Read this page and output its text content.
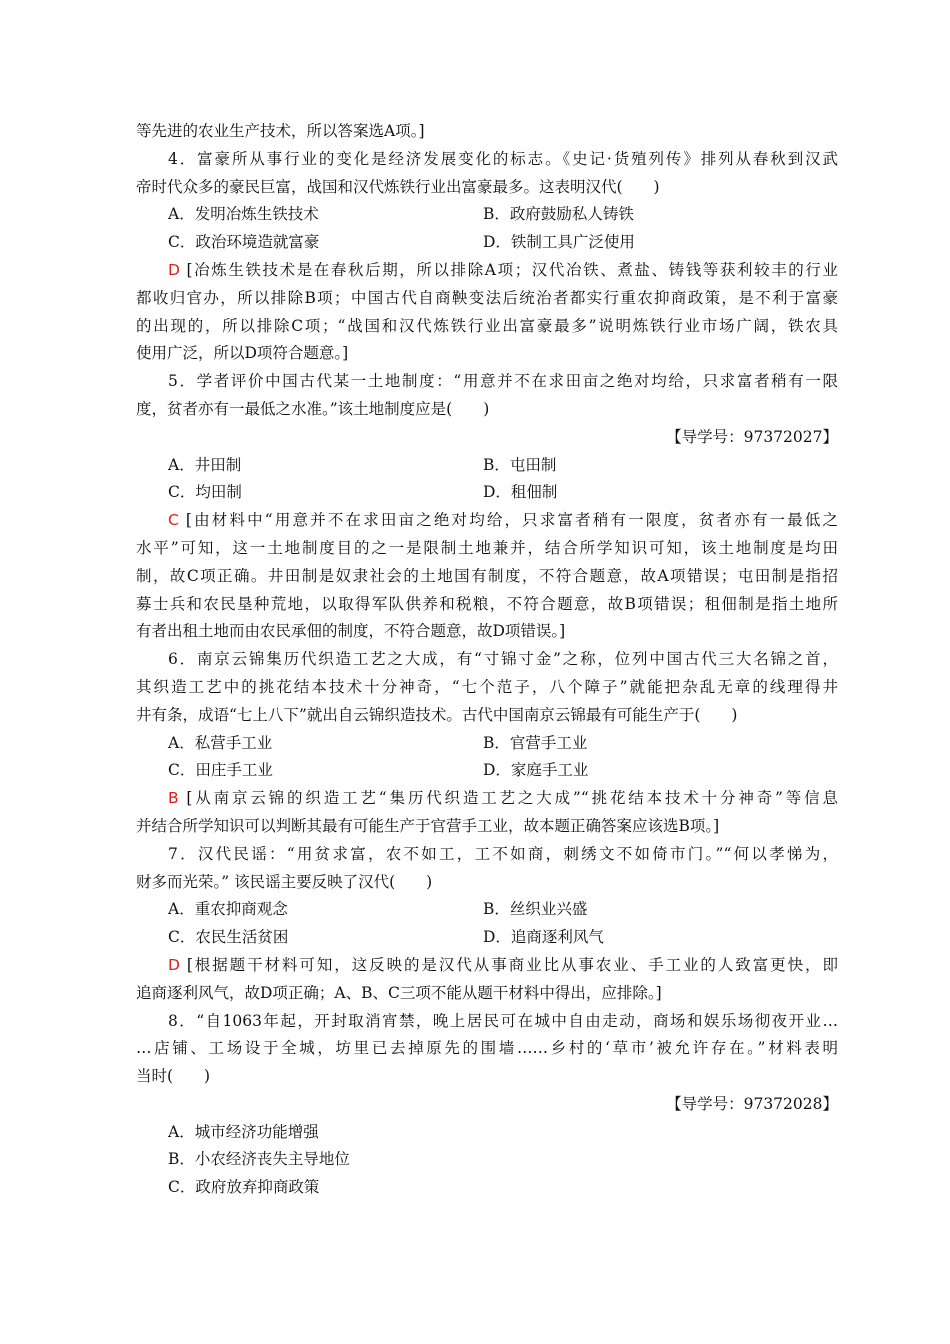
等先进的农业生产技术，所以答案选A项。]
4．富豪所从事行业的变化是经济发展变化的标志。《史记·货殖列传》排列从春秋到汉武
帝时代众多的豪民巨富，战国和汉代炼铁行业出富豪最多。这表明汉代(　　)
A．发明冶炼生铁技术	B．政府鼓励私人铸铁
C．政治环境造就富豪	D．铁制工具广泛使用
D [冶炼生铁技术是在春秋后期，所以排除A项；汉代冶铁、煮盐、铸钱等获利较丰的行业
都收归官办，所以排除B项；中国古代自商鞅变法后统治者都实行重农抑商政策，是不利于富豪
的出现的，所以排除C项；“战国和汉代炼铁行业出富豪最多”说明炼铁行业市场广阔，铁农具
使用广泛，所以D项符合题意。]
5．学者评价中国古代某一土地制度：“用意并不在求田亩之绝对均给，只求富者稍有一限
度，贫者亦有一最低之水准。”该土地制度应是(　　)
【导学号：97372027】
A．井田制	B．屯田制
C．均田制	D．租佃制
C [由材料中“用意并不在求田亩之绝对均给，只求富者稍有一限度，贫者亦有一最低之
水平”可知，这一土地制度目的之一是限制土地兼并，结合所学知识可知，该土地制度是均田
制，故C项正确。井田制是奴隶社会的土地国有制度，不符合题意，故A项错误；屯田制是指招
募士兵和农民垦种荒地，以取得军队供养和税粮，不符合题意，故B项错误；租佃制是指土地所
有者出租土地而由农民承佃的制度，不符合题意，故D项错误。]
6．南京云锦集历代织造工艺之大成，有“寸锦寸金”之称，位列中国古代三大名锦之首，
其织造工艺中的挑花结本技术十分神奇，“七个范子，八个障子”就能把杂乱无章的线理得井
井有条，成语“七上八下”就出自云锦织造技术。古代中国南京云锦最有可能生产于(　　)
A．私营手工业	B．官营手工业
C．田庄手工业	D．家庭手工业
B [从南京云锦的织造工艺“集历代织造工艺之大成”“挑花结本技术十分神奇”等信息
并结合所学知识可以判断其最有可能生产于官营手工业，故本题正确答案应该选B项。]
7．汉代民谣：“用贫求富，农不如工，工不如商，刺绣文不如倚市门。”“何以孝悌为，
财多而光荣。” 该民谣主要反映了汉代(　　)
A．重农抑商观念	B．丝织业兴盛
C．农民生活贫困	D．追商逐利风气
D [根据题干材料可知，这反映的是汉代从事商业比从事农业、手工业的人致富更快，即
追商逐利风气，故D项正确；A、B、C三项不能从题干材料中得出，应排除。]
8．“自1063年起，开封取消宵禁，晚上居民可在城中自由走动，商场和娱乐场彻夜开业…
…店铺、工场设于全城，坊里已去掉原先的围墙……乡村的‘草市’被允许存在。”材料表明
当时(　　)
【导学号：97372028】
A．城市经济功能增强
B．小农经济丧失主导地位
C．政府放弃抑商政策
